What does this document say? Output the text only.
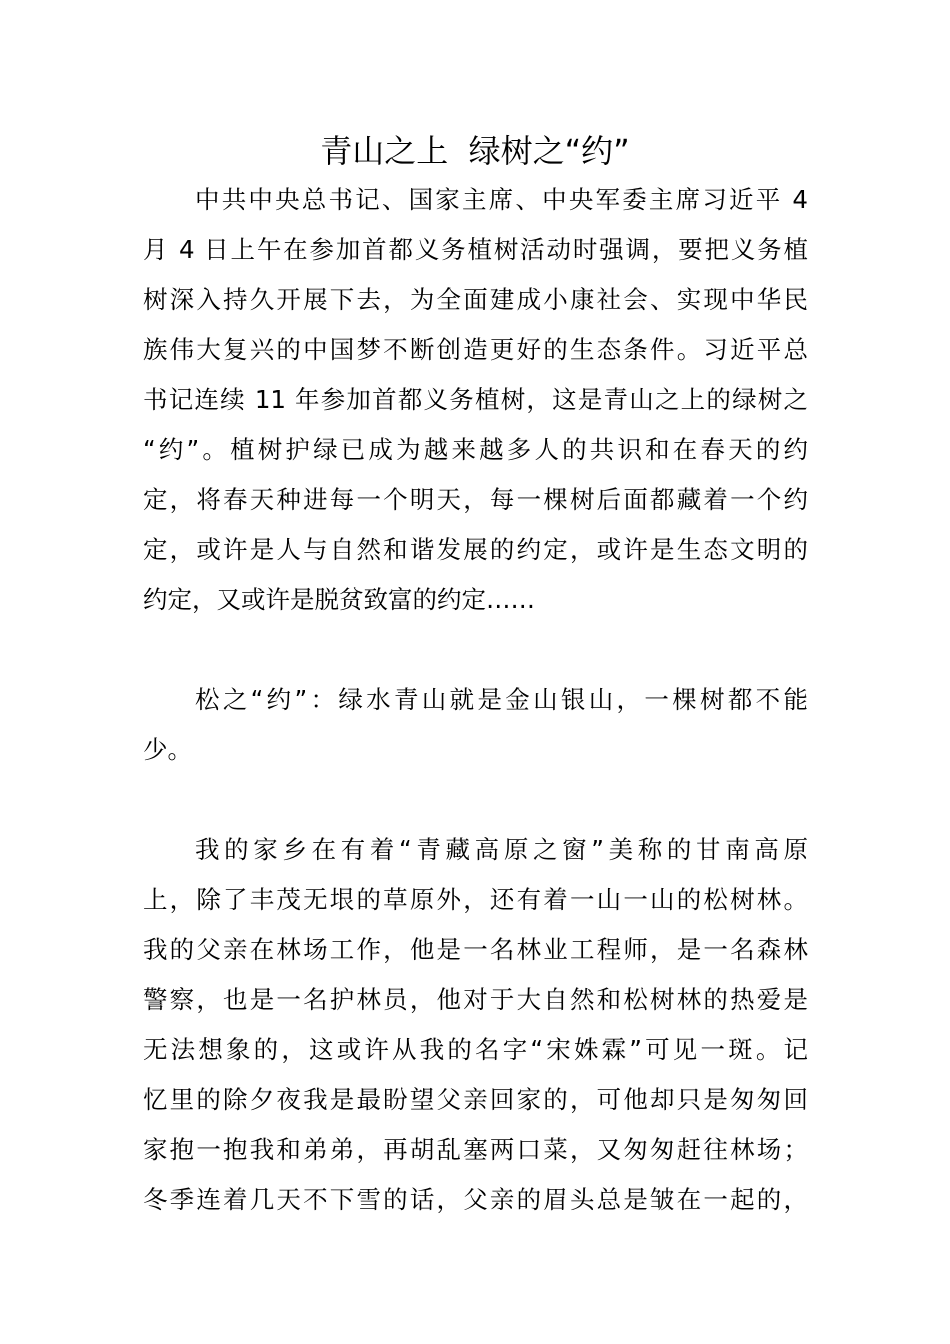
青山之上  绿树之“约”
中共中央总书记、国家主席、中央军委主席习近平 4
月 4 日上午在参加首都义务植树活动时强调，要把义务植
树深入持久开展下去，为全面建成小康社会、实现中华民
族伟大复兴的中国梦不断创造更好的生态条件。习近平总
书记连续 11 年参加首都义务植树，这是青山之上的绿树之
“约”。植树护绿已成为越来越多人的共识和在春天的约
定，将春天种进每一个明天，每一棵树后面都藏着一个约
定，或许是人与自然和谐发展的约定，或许是生态文明的
约定，又或许是脱贫致富的约定……
松之“约”：绿水青山就是金山银山，一棵树都不能
少。
我的家乡在有着“青藏高原之窗”美称的甘南高原
上，除了丰茂无垠的草原外，还有着一山一山的松树林。
我的父亲在林场工作，他是一名林业工程师，是一名森林
警察，也是一名护林员，他对于大自然和松树林的热爱是
无法想象的，这或许从我的名字“宋姝霖”可见一斑。记
忆里的除夕夜我是最盼望父亲回家的，可他却只是匆匆回
家抱一抱我和弟弟，再胡乱塞两口菜，又匆匆赶往林场；
冬季连着几天不下雪的话，父亲的眉头总是皱在一起的，
